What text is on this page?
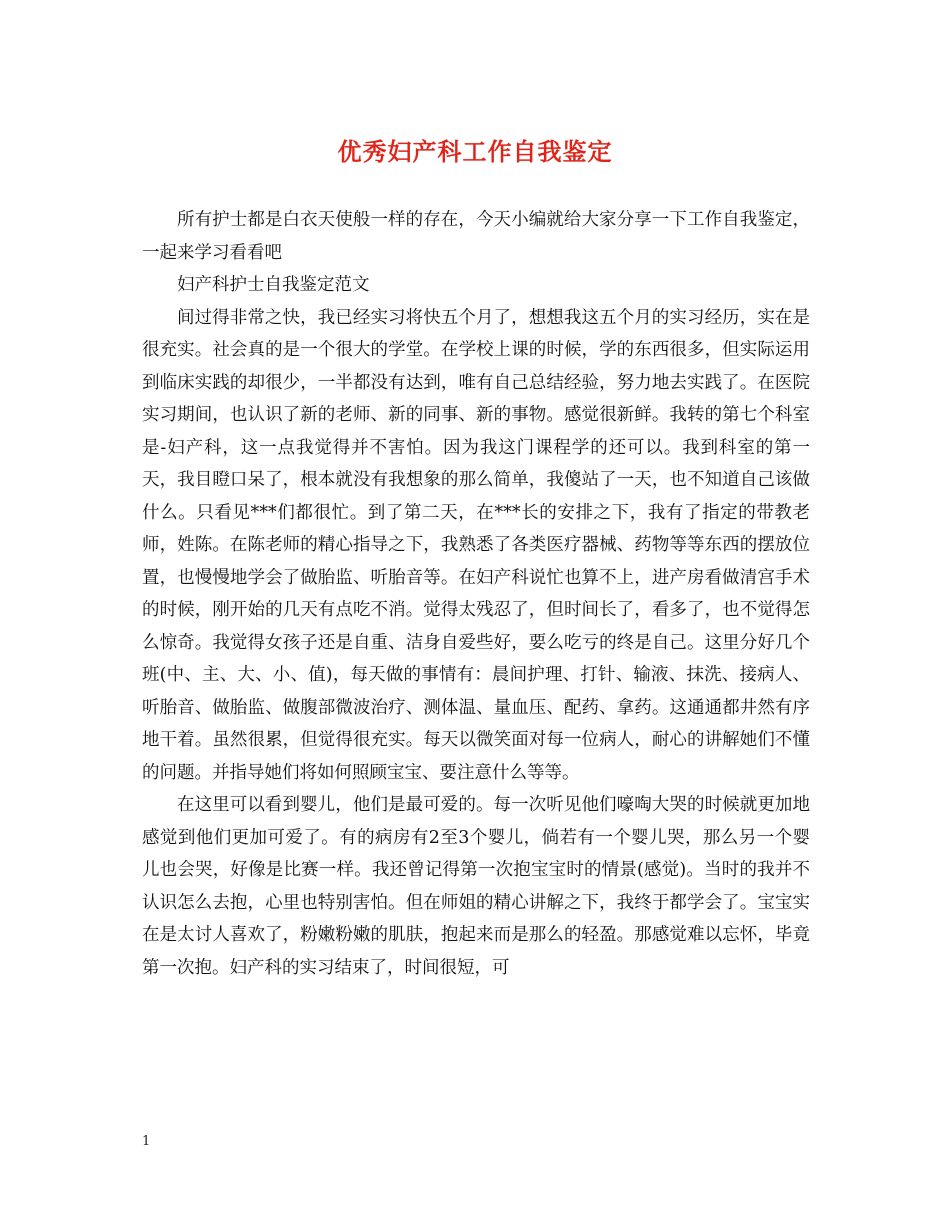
优秀妇产科工作自我鉴定

所有护士都是白衣天使般一样的存在，今天小编就给大家分享一下工作自我鉴定，一起来学习看看吧

妇产科护士自我鉴定范文

间过得非常之快，我已经实习将快五个月了，想想我这五个月的实习经历，实在是很充实。社会真的是一个很大的学堂。在学校上课的时候，学的东西很多，但实际运用到临床实践的却很少，一半都没有达到，唯有自己总结经验，努力地去实践了。在医院实习期间，也认识了新的老师、新的同事、新的事物。感觉很新鲜。我转的第七个科室是-妇产科，这一点我觉得并不害怕。因为我这门课程学的还可以。我到科室的第一天，我目瞪口呆了，根本就没有我想象的那么简单，我傻站了一天，也不知道自己该做什么。只看见***们都很忙。到了第二天，在***长的安排之下，我有了指定的带教老师，姓陈。在陈老师的精心指导之下，我熟悉了各类医疗器械、药物等等东西的摆放位置，也慢慢地学会了做胎监、听胎音等。在妇产科说忙也算不上，进产房看做清宫手术的时候，刚开始的几天有点吃不消。觉得太残忍了，但时间长了，看多了，也不觉得怎么惊奇。我觉得女孩子还是自重、洁身自爱些好，要么吃亏的终是自己。这里分好几个班(中、主、大、小、值)，每天做的事情有：晨间护理、打针、输液、抹洗、接病人、听胎音、做胎监、做腹部微波治疗、测体温、量血压、配药、拿药。这通通都井然有序地干着。虽然很累，但觉得很充实。每天以微笑面对每一位病人，耐心的讲解她们不懂的问题。并指导她们将如何照顾宝宝、要注意什么等等。

在这里可以看到婴儿，他们是最可爱的。每一次听见他们嚎啕大哭的时候就更加地感觉到他们更加可爱了。有的病房有2至3个婴儿，倘若有一个婴儿哭，那么另一个婴儿也会哭，好像是比赛一样。我还曾记得第一次抱宝宝时的情景(感觉)。当时的我并不认识怎么去抱，心里也特别害怕。但在师姐的精心讲解之下，我终于都学会了。宝宝实在是太讨人喜欢了，粉嫩粉嫩的肌肤，抱起来而是那么的轻盈。那感觉难以忘怀，毕竟第一次抱。妇产科的实习结束了，时间很短，可

1
